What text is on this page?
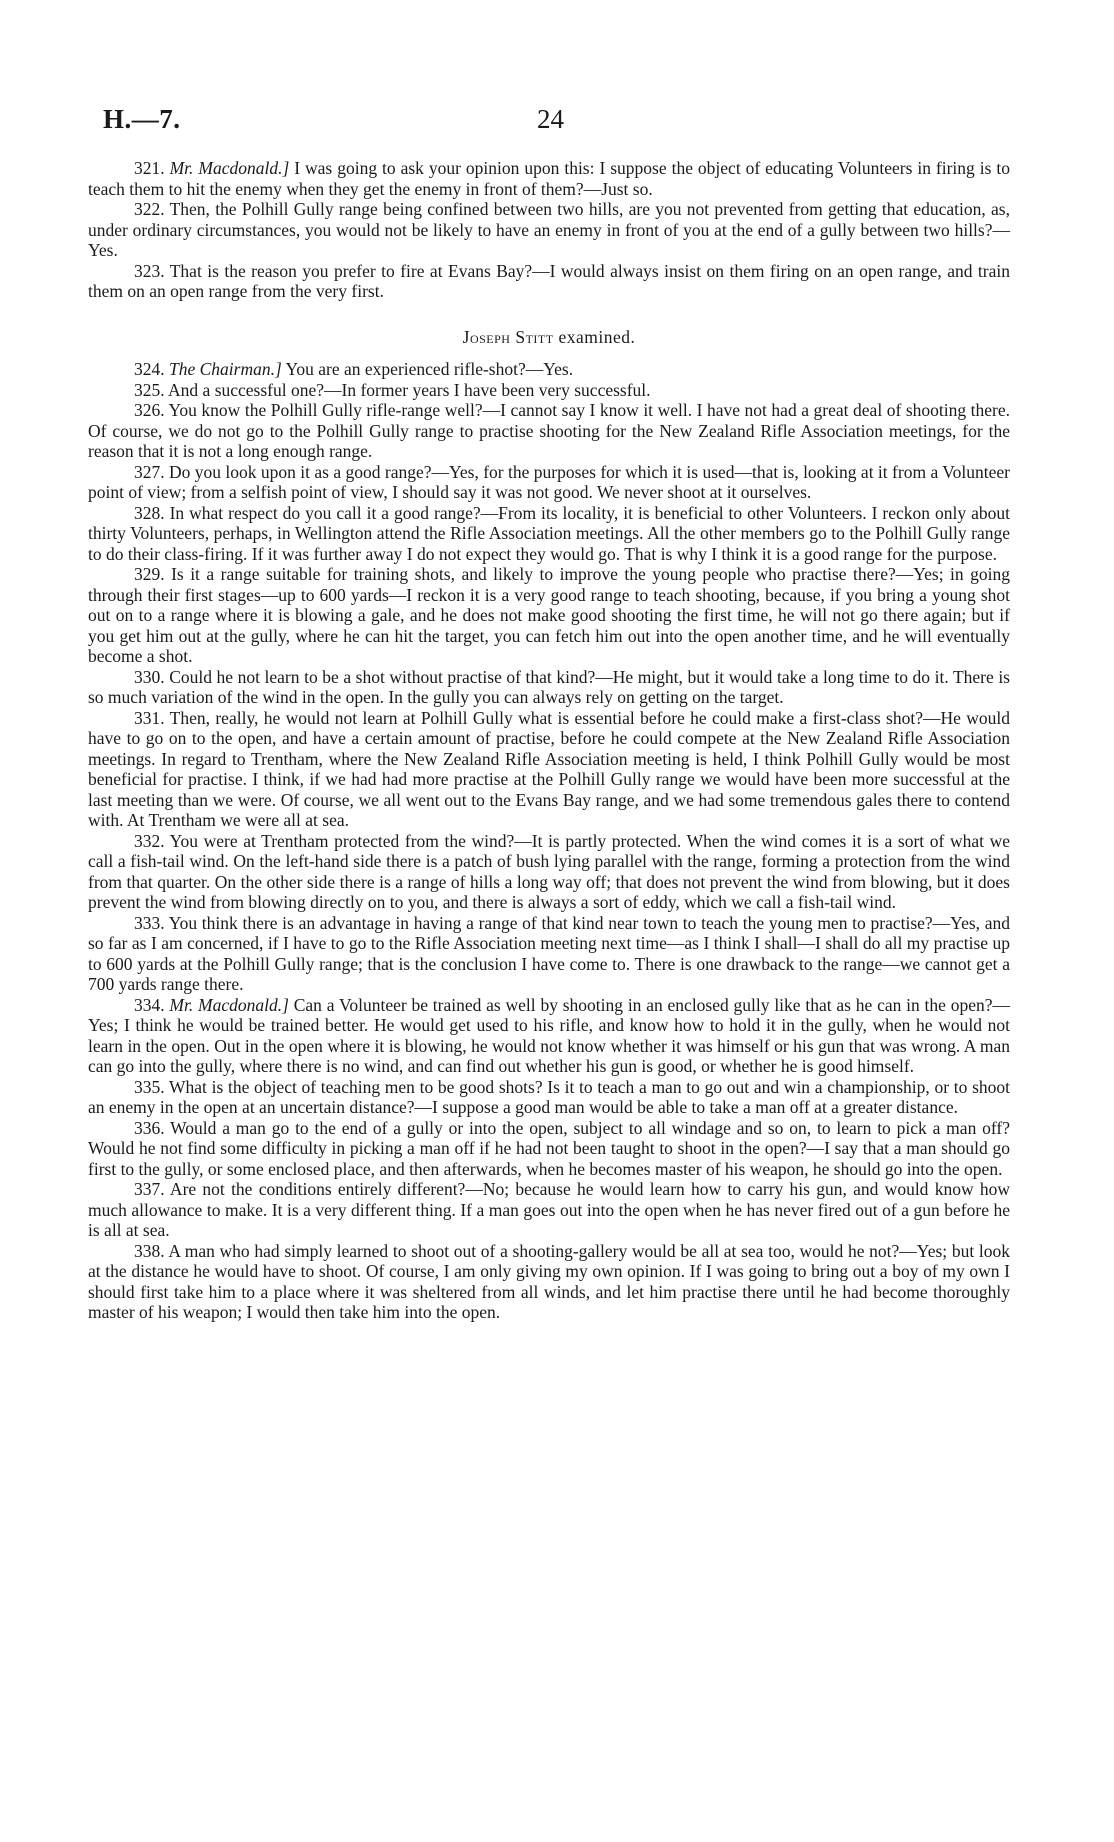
H.—7.	24

321. Mr. Macdonald.] I was going to ask your opinion upon this: I suppose the object of educating Volunteers in firing is to teach them to hit the enemy when they get the enemy in front of them?—Just so.

322. Then, the Polhill Gully range being confined between two hills, are you not prevented from getting that education, as, under ordinary circumstances, you would not be likely to have an enemy in front of you at the end of a gully between two hills?—Yes.

323. That is the reason you prefer to fire at Evans Bay?—I would always insist on them firing on an open range, and train them on an open range from the very first.

Joseph Stitt examined.

324. The Chairman.] You are an experienced rifle-shot?—Yes.

325. And a successful one?—In former years I have been very successful.

326. You know the Polhill Gully rifle-range well?—I cannot say I know it well. I have not had a great deal of shooting there. Of course, we do not go to the Polhill Gully range to practise shooting for the New Zealand Rifle Association meetings, for the reason that it is not a long enough range.

327. Do you look upon it as a good range?—Yes, for the purposes for which it is used—that is, looking at it from a Volunteer point of view; from a selfish point of view, I should say it was not good. We never shoot at it ourselves.

328. In what respect do you call it a good range?—From its locality, it is beneficial to other Volunteers. I reckon only about thirty Volunteers, perhaps, in Wellington attend the Rifle Association meetings. All the other members go to the Polhill Gully range to do their class-firing. If it was further away I do not expect they would go. That is why I think it is a good range for the purpose.

329. Is it a range suitable for training shots, and likely to improve the young people who practise there?—Yes; in going through their first stages—up to 600 yards—I reckon it is a very good range to teach shooting, because, if you bring a young shot out on to a range where it is blowing a gale, and he does not make good shooting the first time, he will not go there again; but if you get him out at the gully, where he can hit the target, you can fetch him out into the open another time, and he will eventually become a shot.

330. Could he not learn to be a shot without practise of that kind?—He might, but it would take a long time to do it. There is so much variation of the wind in the open. In the gully you can always rely on getting on the target.

331. Then, really, he would not learn at Polhill Gully what is essential before he could make a first-class shot?—He would have to go on to the open, and have a certain amount of practise, before he could compete at the New Zealand Rifle Association meetings. In regard to Trentham, where the New Zealand Rifle Association meeting is held, I think Polhill Gully would be most beneficial for practise. I think, if we had had more practise at the Polhill Gully range we would have been more successful at the last meeting than we were. Of course, we all went out to the Evans Bay range, and we had some tremendous gales there to contend with. At Trentham we were all at sea.

332. You were at Trentham protected from the wind?—It is partly protected. When the wind comes it is a sort of what we call a fish-tail wind. On the left-hand side there is a patch of bush lying parallel with the range, forming a protection from the wind from that quarter. On the other side there is a range of hills a long way off; that does not prevent the wind from blowing, but it does prevent the wind from blowing directly on to you, and there is always a sort of eddy, which we call a fish-tail wind.

333. You think there is an advantage in having a range of that kind near town to teach the young men to practise?—Yes, and so far as I am concerned, if I have to go to the Rifle Association meeting next time—as I think I shall—I shall do all my practise up to 600 yards at the Polhill Gully range; that is the conclusion I have come to. There is one drawback to the range—we cannot get a 700 yards range there.

334. Mr. Macdonald.] Can a Volunteer be trained as well by shooting in an enclosed gully like that as he can in the open?—Yes; I think he would be trained better. He would get used to his rifle, and know how to hold it in the gully, when he would not learn in the open. Out in the open where it is blowing, he would not know whether it was himself or his gun that was wrong. A man can go into the gully, where there is no wind, and can find out whether his gun is good, or whether he is good himself.

335. What is the object of teaching men to be good shots? Is it to teach a man to go out and win a championship, or to shoot an enemy in the open at an uncertain distance?—I suppose a good man would be able to take a man off at a greater distance.

336. Would a man go to the end of a gully or into the open, subject to all windage and so on, to learn to pick a man off? Would he not find some difficulty in picking a man off if he had not been taught to shoot in the open?—I say that a man should go first to the gully, or some enclosed place, and then afterwards, when he becomes master of his weapon, he should go into the open.

337. Are not the conditions entirely different?—No; because he would learn how to carry his gun, and would know how much allowance to make. It is a very different thing. If a man goes out into the open when he has never fired out of a gun before he is all at sea.

338. A man who had simply learned to shoot out of a shooting-gallery would be all at sea too, would he not?—Yes; but look at the distance he would have to shoot. Of course, I am only giving my own opinion. If I was going to bring out a boy of my own I should first take him to a place where it was sheltered from all winds, and let him practise there until he had become thoroughly master of his weapon; I would then take him into the open.
